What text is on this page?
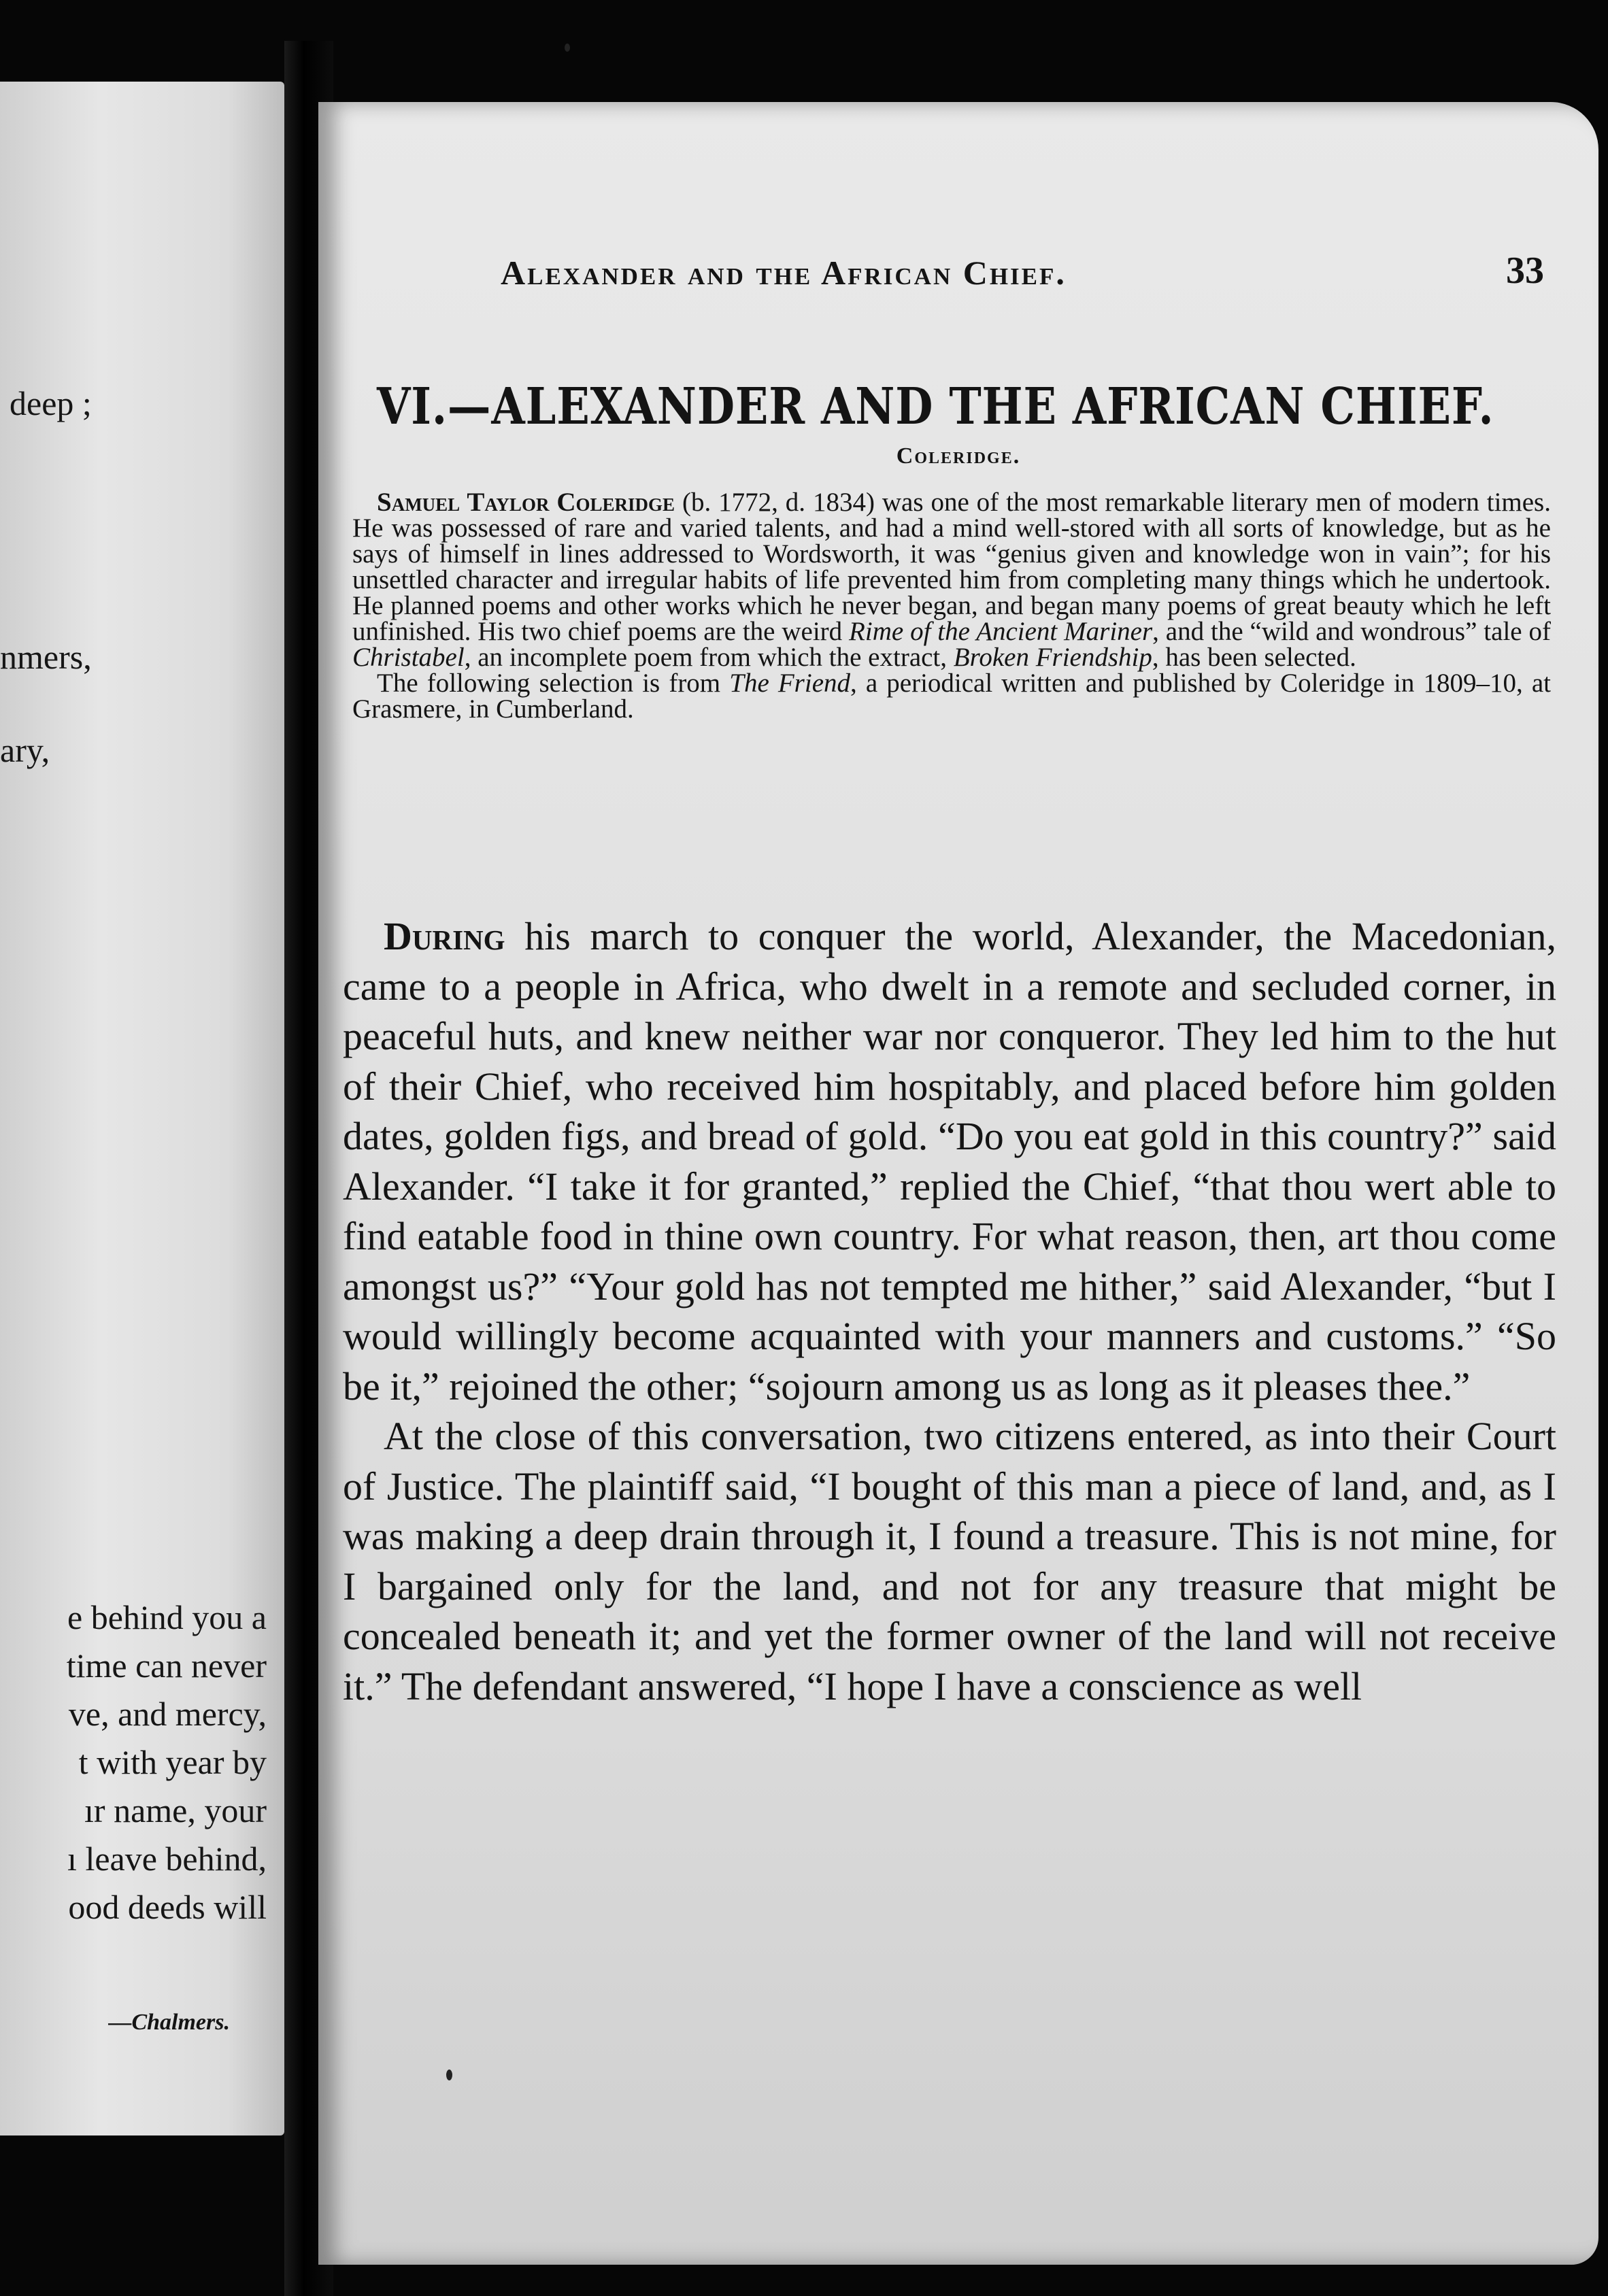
deep ;
nmers,
ary,
e behind you a
time can never
ve, and mercy,
t with year by
ır name, your
ı leave behind,
ood deeds will
—Chalmers.
Alexander and the African Chief.	33
VI.—ALEXANDER AND THE AFRICAN CHIEF.
Coleridge.

Samuel Taylor Coleridge (b. 1772, d. 1834) was one of the most remarkable literary men of modern times. He was possessed of rare and varied talents, and had a mind well-stored with all sorts of knowledge, but as he says of himself in lines addressed to Wordsworth, it was “genius given and knowledge won in vain”; for his unsettled character and irregular habits of life prevented him from completing many things which he undertook. He planned poems and other works which he never began, and began many poems of great beauty which he left unfinished. His two chief poems are the weird Rime of the Ancient Mariner, and the “wild and wondrous” tale of Christabel, an incomplete poem from which the extract, Broken Friendship, has been selected.

The following selection is from The Friend, a periodical written and published by Coleridge in 1809–10, at Grasmere, in Cumberland.

During his march to conquer the world, Alexander, the Macedonian, came to a people in Africa, who dwelt in a remote and secluded corner, in peaceful huts, and knew neither war nor conqueror. They led him to the hut of their Chief, who received him hospitably, and placed before him golden dates, golden figs, and bread of gold. “Do you eat gold in this country?” said Alexander. “I take it for granted,” replied the Chief, “that thou wert able to find eatable food in thine own country. For what reason, then, art thou come amongst us?” “Your gold has not tempted me hither,” said Alexander, “but I would willingly become acquainted with your manners and customs.” “So be it,” rejoined the other; “sojourn among us as long as it pleases thee.”

At the close of this conversation, two citizens entered, as into their Court of Justice. The plaintiff said, “I bought of this man a piece of land, and, as I was making a deep drain through it, I found a treasure. This is not mine, for I bargained only for the land, and not for any treasure that might be concealed beneath it; and yet the former owner of the land will not receive it.” The defendant answered, “I hope I have a conscience as well
